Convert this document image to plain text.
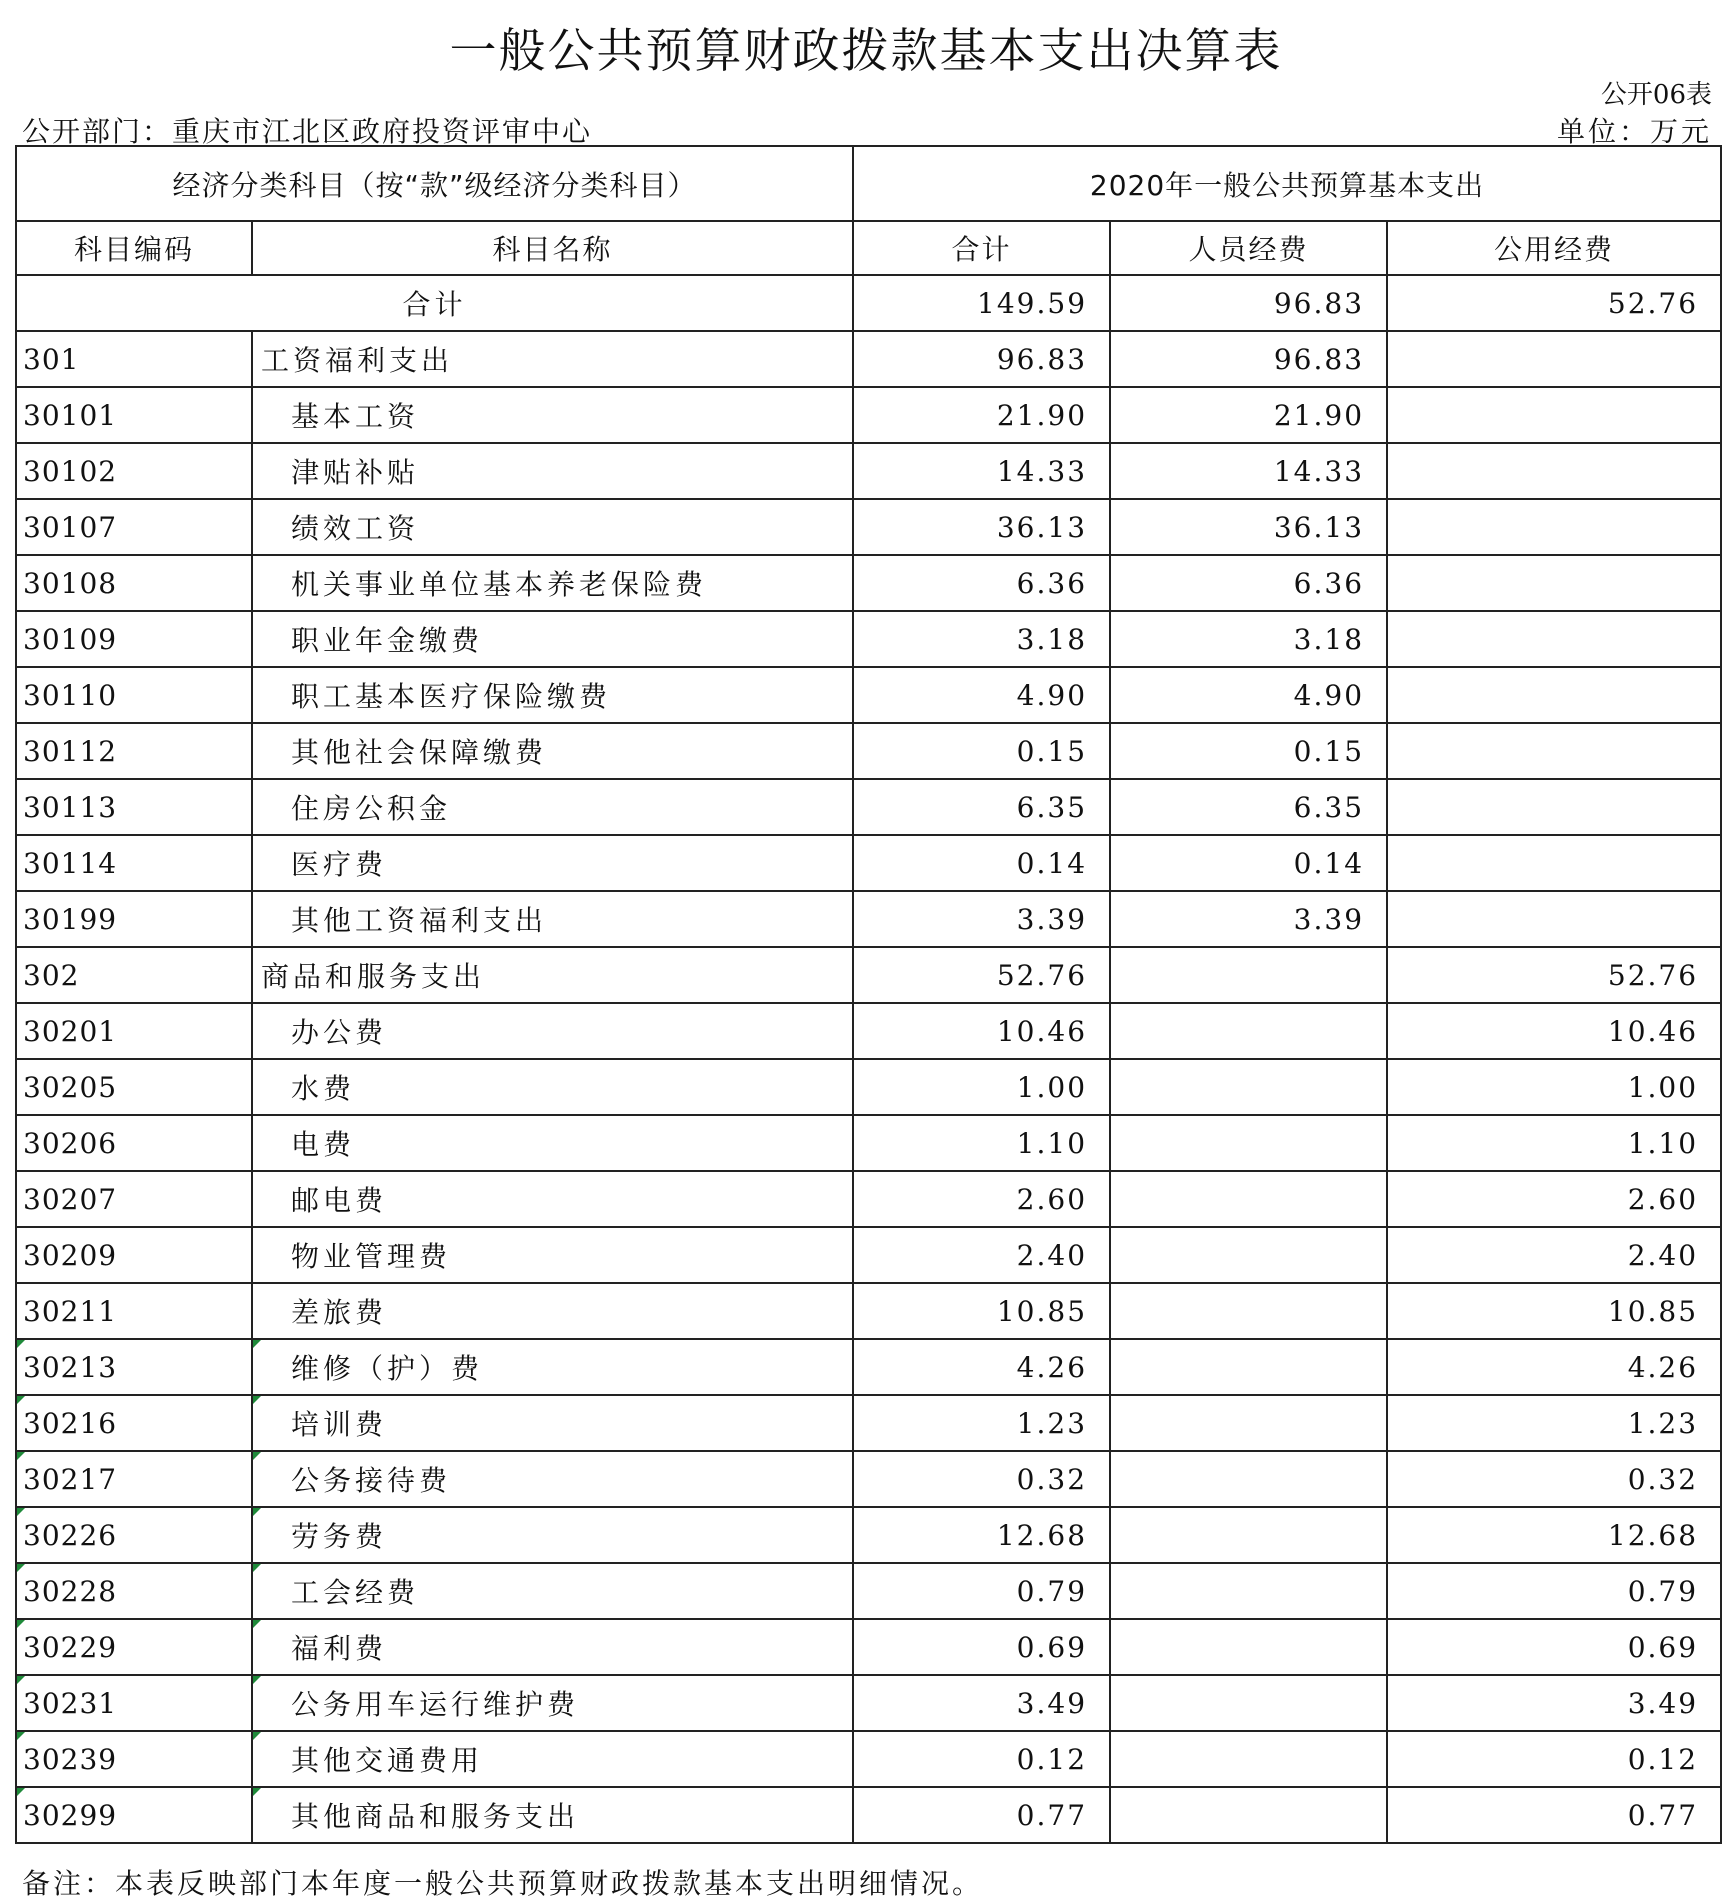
一般公共预算财政拨款基本支出决算表
公开06表
公开部门：重庆市江北区政府投资评审中心	单位：万元
经济分类科目（按“款”级经济分类科目）		2020年一般公共预算基本支出		
科目编码	科目名称	合计	人员经费	公用经费
合计		149.59	96.83	52.76
301	工资福利支出	96.83	96.83	
30101	基本工资	21.90	21.90	
30102	津贴补贴	14.33	14.33	
30107	绩效工资	36.13	36.13	
30108	机关事业单位基本养老保险费	6.36	6.36	
30109	职业年金缴费	3.18	3.18	
30110	职工基本医疗保险缴费	4.90	4.90	
30112	其他社会保障缴费	0.15	0.15	
30113	住房公积金	6.35	6.35	
30114	医疗费	0.14	0.14	
30199	其他工资福利支出	3.39	3.39	
302	商品和服务支出	52.76		52.76
30201	办公费	10.46		10.46
30205	水费	1.00		1.00
30206	电费	1.10		1.10
30207	邮电费	2.60		2.60
30209	物业管理费	2.40		2.40
30211	差旅费	10.85		10.85
30213	维修（护）费	4.26		4.26
30216	培训费	1.23		1.23
30217	公务接待费	0.32		0.32
30226	劳务费	12.68		12.68
30228	工会经费	0.79		0.79
30229	福利费	0.69		0.69
30231	公务用车运行维护费	3.49		3.49
30239	其他交通费用	0.12		0.12
30299	其他商品和服务支出	0.77		0.77
备注：本表反映部门本年度一般公共预算财政拨款基本支出明细情况。
